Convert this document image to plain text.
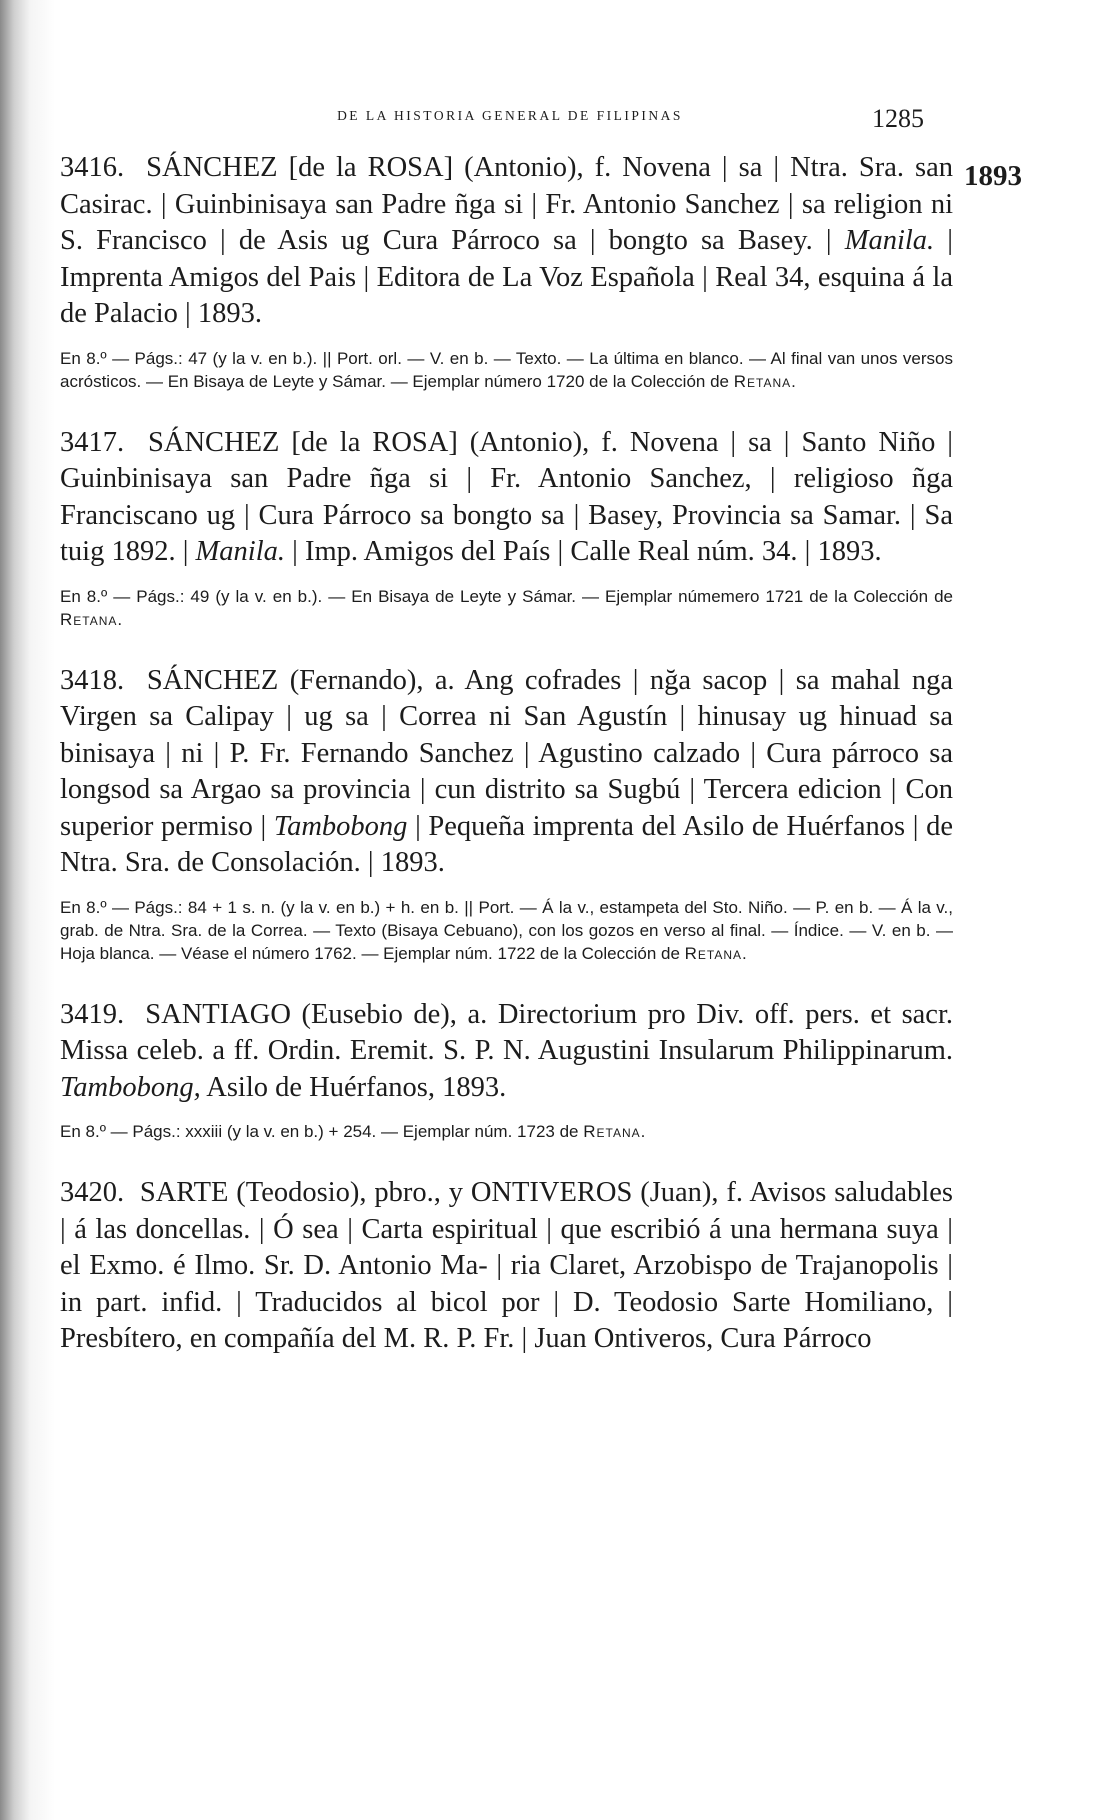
DE LA HISTORIA GENERAL DE FILIPINAS	1285
1893

3416. SÁNCHEZ [de la ROSA] (Antonio), f. Novena | sa | Ntra. Sra. san Casirac. | Guinbinisaya san Padre ñga si | Fr. Antonio Sanchez | sa religion ni S. Francisco | de Asis ug Cura Párroco sa | bongto sa Basey. | Manila. | Imprenta Amigos del Pais | Editora de La Voz Española | Real 34, esquina á la de Palacio | 1893.

En 8.º — Págs.: 47 (y la v. en b.). || Port. orl. — V. en b. — Texto. — La última en blanco. — Al final van unos versos acrósticos. — En Bisaya de Leyte y Sámar. — Ejemplar número 1720 de la Colección de Retana.

3417. SÁNCHEZ [de la ROSA] (Antonio), f. Novena | sa | Santo Niño | Guinbinisaya san Padre ñga si | Fr. Antonio Sanchez, | religioso ñga Franciscano ug | Cura Párroco sa bongto sa | Basey, Provincia sa Samar. | Sa tuig 1892. | Manila. | Imp. Amigos del País | Calle Real núm. 34. | 1893.

En 8.º — Págs.: 49 (y la v. en b.). — En Bisaya de Leyte y Sámar. — Ejemplar númemero 1721 de la Colección de Retana.

3418. SÁNCHEZ (Fernando), a. Ang cofrades | nğa sacop | sa mahal nga Virgen sa Calipay | ug sa | Correa ni San Agustín | hinusay ug hinuad sa binisaya | ni | P. Fr. Fernando Sanchez | Agustino calzado | Cura párroco sa longsod sa Argao sa provincia | cun distrito sa Sugbú | Tercera edicion | Con superior permiso | Tambobong | Pequeña imprenta del Asilo de Huérfanos | de Ntra. Sra. de Consolación. | 1893.

En 8.º — Págs.: 84 + 1 s. n. (y la v. en b.) + h. en b. || Port. — Á la v., estampeta del Sto. Niño. — P. en b. — Á la v., grab. de Ntra. Sra. de la Correa. — Texto (Bisaya Cebuano), con los gozos en verso al final. — Índice. — V. en b. — Hoja blanca. — Véase el número 1762. — Ejemplar núm. 1722 de la Colección de Retana.

3419. SANTIAGO (Eusebio de), a. Directorium pro Div. off. pers. et sacr. Missa celeb. a ff. Ordin. Eremit. S. P. N. Augustini Insularum Philippinarum. Tambobong, Asilo de Huérfanos, 1893.

En 8.º — Págs.: xxxiii (y la v. en b.) + 254. — Ejemplar núm. 1723 de Retana.

3420. SARTE (Teodosio), pbro., y ONTIVEROS (Juan), f. Avisos saludables | á las doncellas. | Ó sea | Carta espiritual | que escribió á una hermana suya | el Exmo. é Ilmo. Sr. D. Antonio Ma- | ria Claret, Arzobispo de Trajanopolis | in part. infid. | Traducidos al bicol por | D. Teodosio Sarte Homiliano, | Presbítero, en compañía del M. R. P. Fr. | Juan Ontiveros, Cura Párroco
